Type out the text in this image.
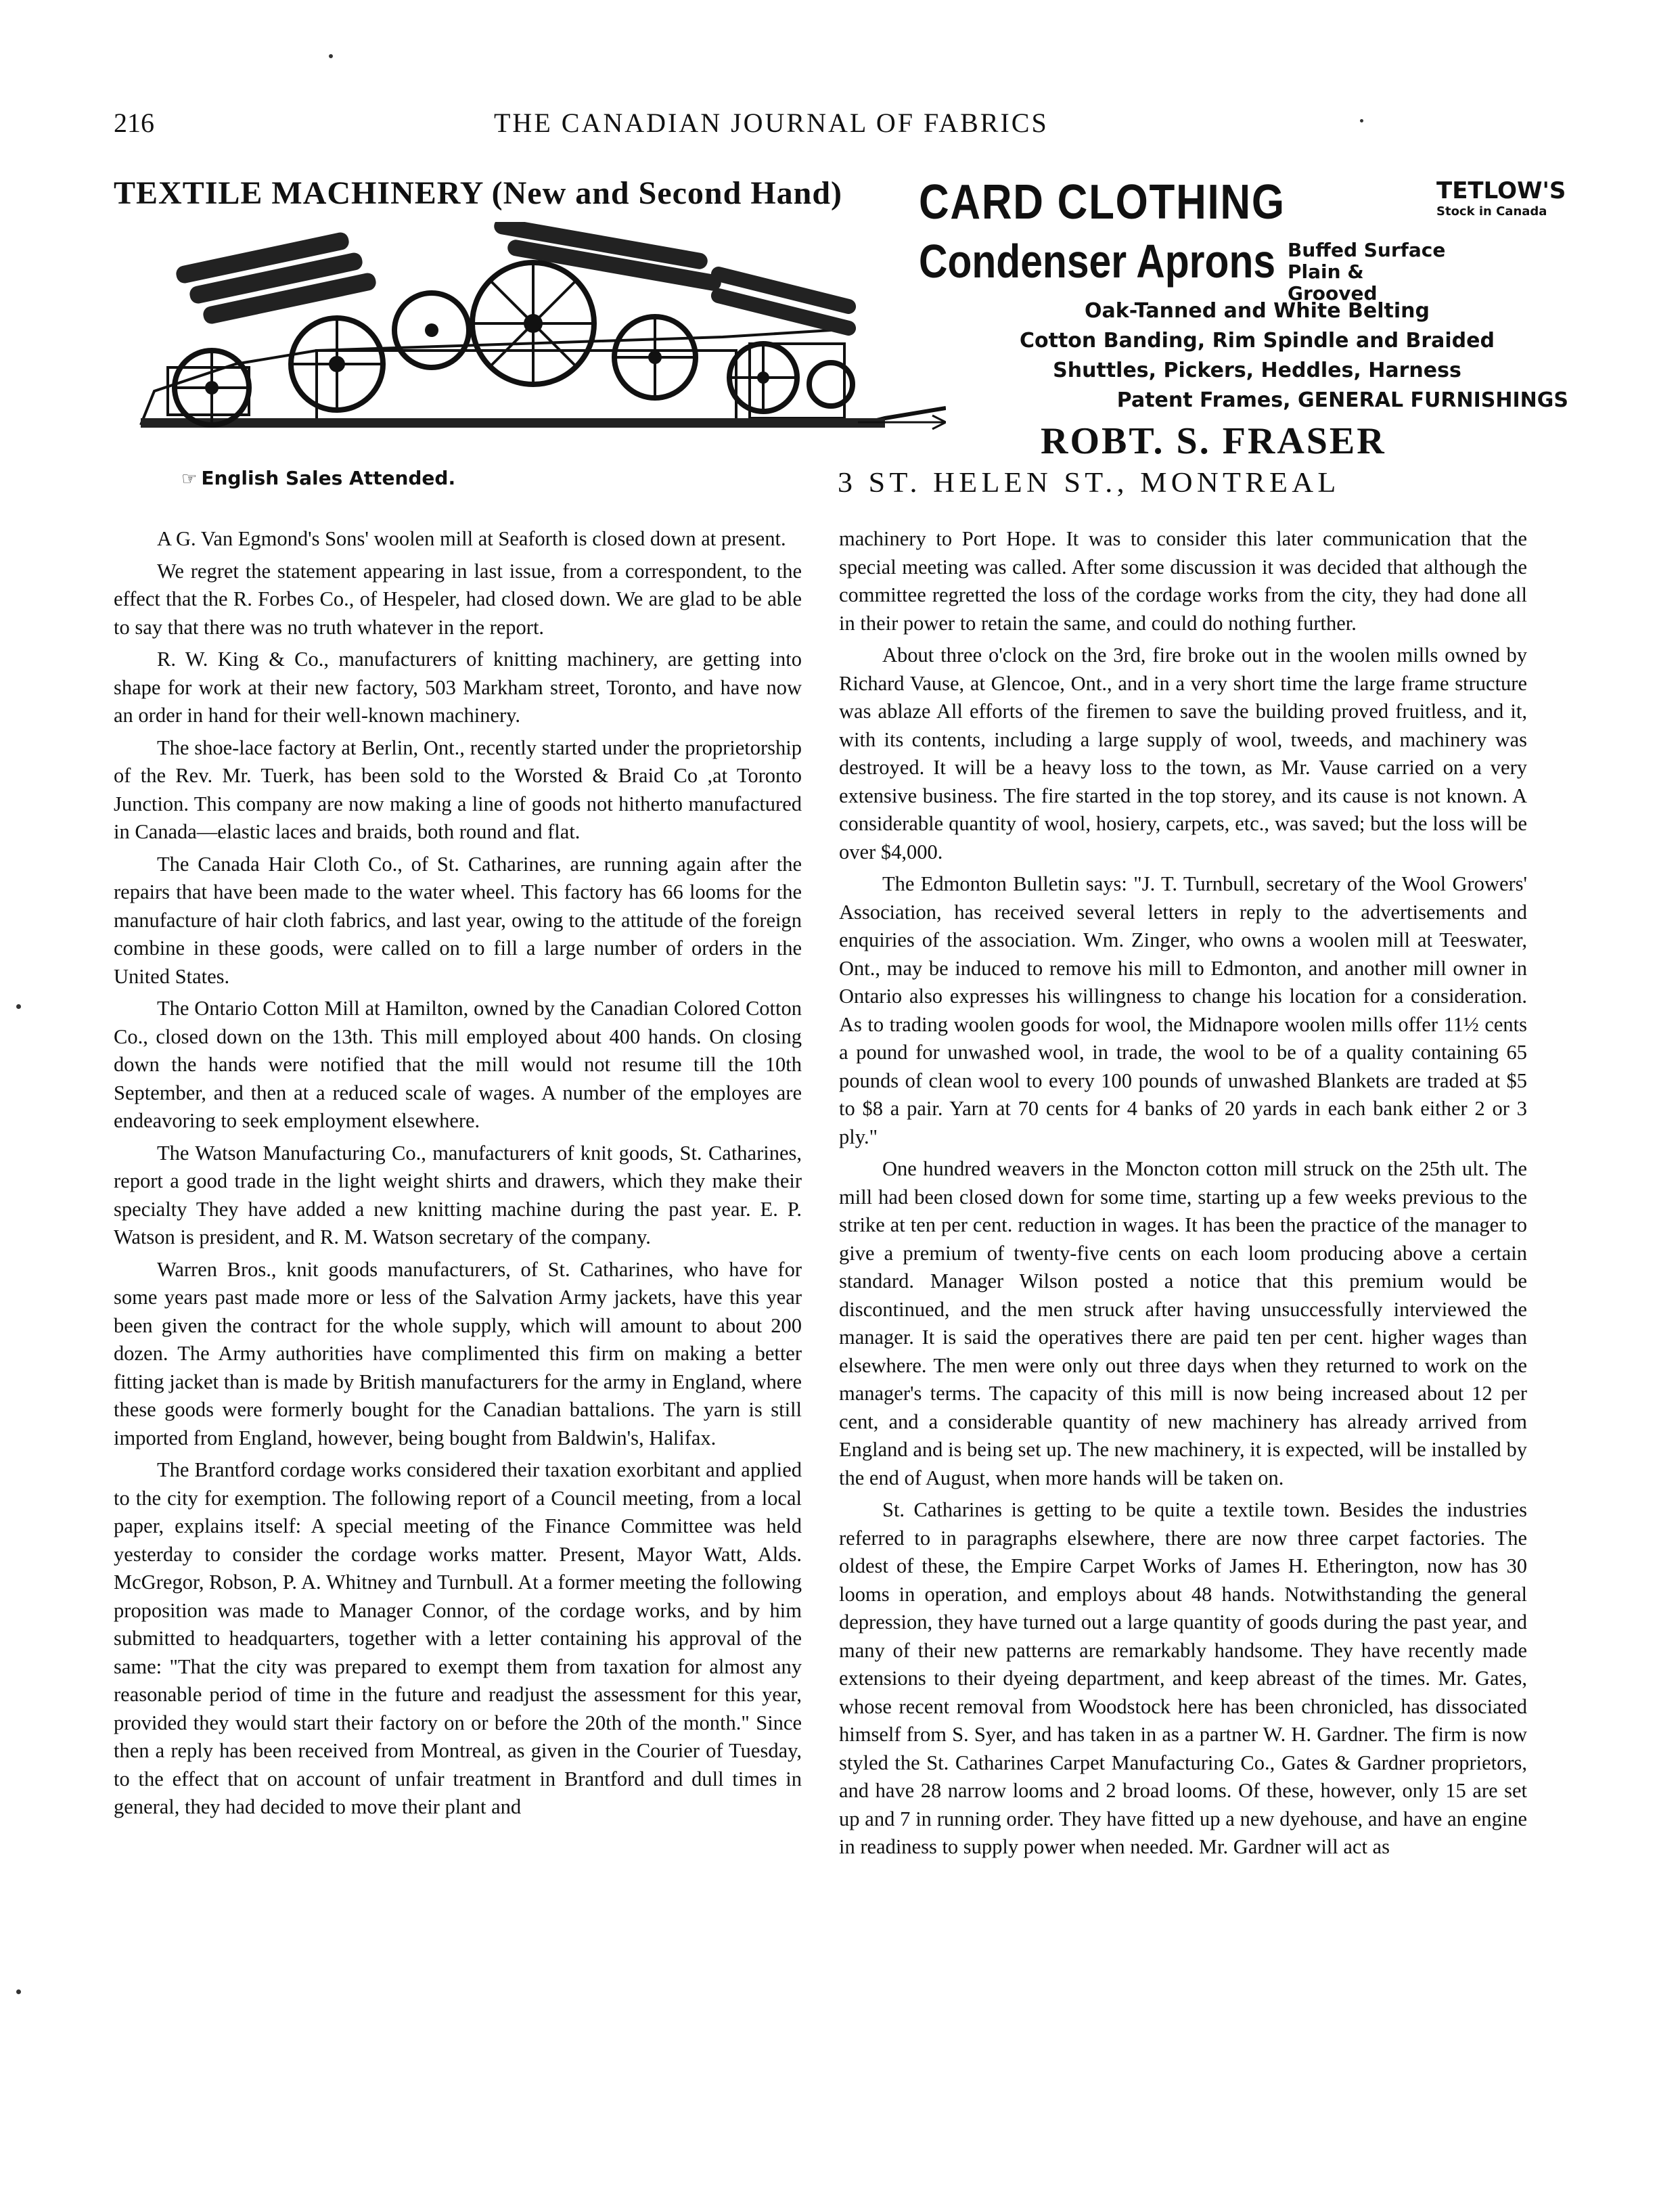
216	THE CANADIAN JOURNAL OF FABRICS
TEXTILE MACHINERY (New and Second Hand)
☞ English Sales Attended.
CARD CLOTHING	TETLOW'S
Stock in Canada
Condenser Aprons Buffed Surface
Plain & Grooved
Oak-Tanned and White Belting
Cotton Banding, Rim Spindle and Braided
Shuttles, Pickers, Heddles, Harness
Patent Frames, GENERAL FURNISHINGS
ROBT. S. FRASER
3 ST. HELEN ST., MONTREAL

A G. Van Egmond's Sons' woolen mill at Seaforth is closed down at present.

We regret the statement appearing in last issue, from a correspondent, to the effect that the R. Forbes Co., of Hespeler, had closed down. We are glad to be able to say that there was no truth whatever in the report.

R. W. King & Co., manufacturers of knitting machinery, are getting into shape for work at their new factory, 503 Markham street, Toronto, and have now an order in hand for their well-known machinery.

The shoe-lace factory at Berlin, Ont., recently started under the proprietorship of the Rev. Mr. Tuerk, has been sold to the Worsted & Braid Co ,at Toronto Junction. This company are now making a line of goods not hitherto manufactured in Canada—elastic laces and braids, both round and flat.

The Canada Hair Cloth Co., of St. Catharines, are running again after the repairs that have been made to the water wheel. This factory has 66 looms for the manufacture of hair cloth fabrics, and last year, owing to the attitude of the foreign combine in these goods, were called on to fill a large number of orders in the United States.

The Ontario Cotton Mill at Hamilton, owned by the Canadian Colored Cotton Co., closed down on the 13th. This mill employed about 400 hands. On closing down the hands were notified that the mill would not resume till the 10th September, and then at a reduced scale of wages. A number of the employes are endeavoring to seek employment elsewhere.

The Watson Manufacturing Co., manufacturers of knit goods, St. Catharines, report a good trade in the light weight shirts and drawers, which they make their specialty They have added a new knitting machine during the past year. E. P. Watson is president, and R. M. Watson secretary of the company.

Warren Bros., knit goods manufacturers, of St. Catharines, who have for some years past made more or less of the Salvation Army jackets, have this year been given the contract for the whole supply, which will amount to about 200 dozen. The Army authorities have complimented this firm on making a better fitting jacket than is made by British manufacturers for the army in England, where these goods were formerly bought for the Canadian battalions. The yarn is still imported from England, however, being bought from Baldwin's, Halifax.

The Brantford cordage works considered their taxation exorbitant and applied to the city for exemption. The following report of a Council meeting, from a local paper, explains itself: A special meeting of the Finance Committee was held yesterday to consider the cordage works matter. Present, Mayor Watt, Alds. McGregor, Robson, P. A. Whitney and Turnbull. At a former meeting the following proposition was made to Manager Connor, of the cordage works, and by him submitted to headquarters, together with a letter containing his approval of the same: "That the city was prepared to exempt them from taxation for almost any reasonable period of time in the future and readjust the assessment for this year, provided they would start their factory on or before the 20th of the month." Since then a reply has been received from Montreal, as given in the Courier of Tuesday, to the effect that on account of unfair treatment in Brantford and dull times in general, they had decided to move their plant and

machinery to Port Hope. It was to consider this later communication that the special meeting was called. After some discussion it was decided that although the committee regretted the loss of the cordage works from the city, they had done all in their power to retain the same, and could do nothing further.

About three o'clock on the 3rd, fire broke out in the woolen mills owned by Richard Vause, at Glencoe, Ont., and in a very short time the large frame structure was ablaze All efforts of the firemen to save the building proved fruitless, and it, with its contents, including a large supply of wool, tweeds, and machinery was destroyed. It will be a heavy loss to the town, as Mr. Vause carried on a very extensive business. The fire started in the top storey, and its cause is not known. A considerable quantity of wool, hosiery, carpets, etc., was saved; but the loss will be over $4,000.

The Edmonton Bulletin says: "J. T. Turnbull, secretary of the Wool Growers' Association, has received several letters in reply to the advertisements and enquiries of the association. Wm. Zinger, who owns a woolen mill at Teeswater, Ont., may be induced to remove his mill to Edmonton, and another mill owner in Ontario also expresses his willingness to change his location for a consideration. As to trading woolen goods for wool, the Midnapore woolen mills offer 11½ cents a pound for unwashed wool, in trade, the wool to be of a quality containing 65 pounds of clean wool to every 100 pounds of unwashed Blankets are traded at $5 to $8 a pair. Yarn at 70 cents for 4 banks of 20 yards in each bank either 2 or 3 ply."

One hundred weavers in the Moncton cotton mill struck on the 25th ult. The mill had been closed down for some time, starting up a few weeks previous to the strike at ten per cent. reduction in wages. It has been the practice of the manager to give a premium of twenty-five cents on each loom producing above a certain standard. Manager Wilson posted a notice that this premium would be discontinued, and the men struck after having unsuccessfully interviewed the manager. It is said the operatives there are paid ten per cent. higher wages than elsewhere. The men were only out three days when they returned to work on the manager's terms. The capacity of this mill is now being increased about 12 per cent, and a considerable quantity of new machinery has already arrived from England and is being set up. The new machinery, it is expected, will be installed by the end of August, when more hands will be taken on.

St. Catharines is getting to be quite a textile town. Besides the industries referred to in paragraphs elsewhere, there are now three carpet factories. The oldest of these, the Empire Carpet Works of James H. Etherington, now has 30 looms in operation, and employs about 48 hands. Notwithstanding the general depression, they have turned out a large quantity of goods during the past year, and many of their new patterns are remarkably handsome. They have recently made extensions to their dyeing department, and keep abreast of the times. Mr. Gates, whose recent removal from Woodstock here has been chronicled, has dissociated himself from S. Syer, and has taken in as a partner W. H. Gardner. The firm is now styled the St. Catharines Carpet Manufacturing Co., Gates & Gardner proprietors, and have 28 narrow looms and 2 broad looms. Of these, however, only 15 are set up and 7 in running order. They have fitted up a new dyehouse, and have an engine in readiness to supply power when needed. Mr. Gardner will act as
